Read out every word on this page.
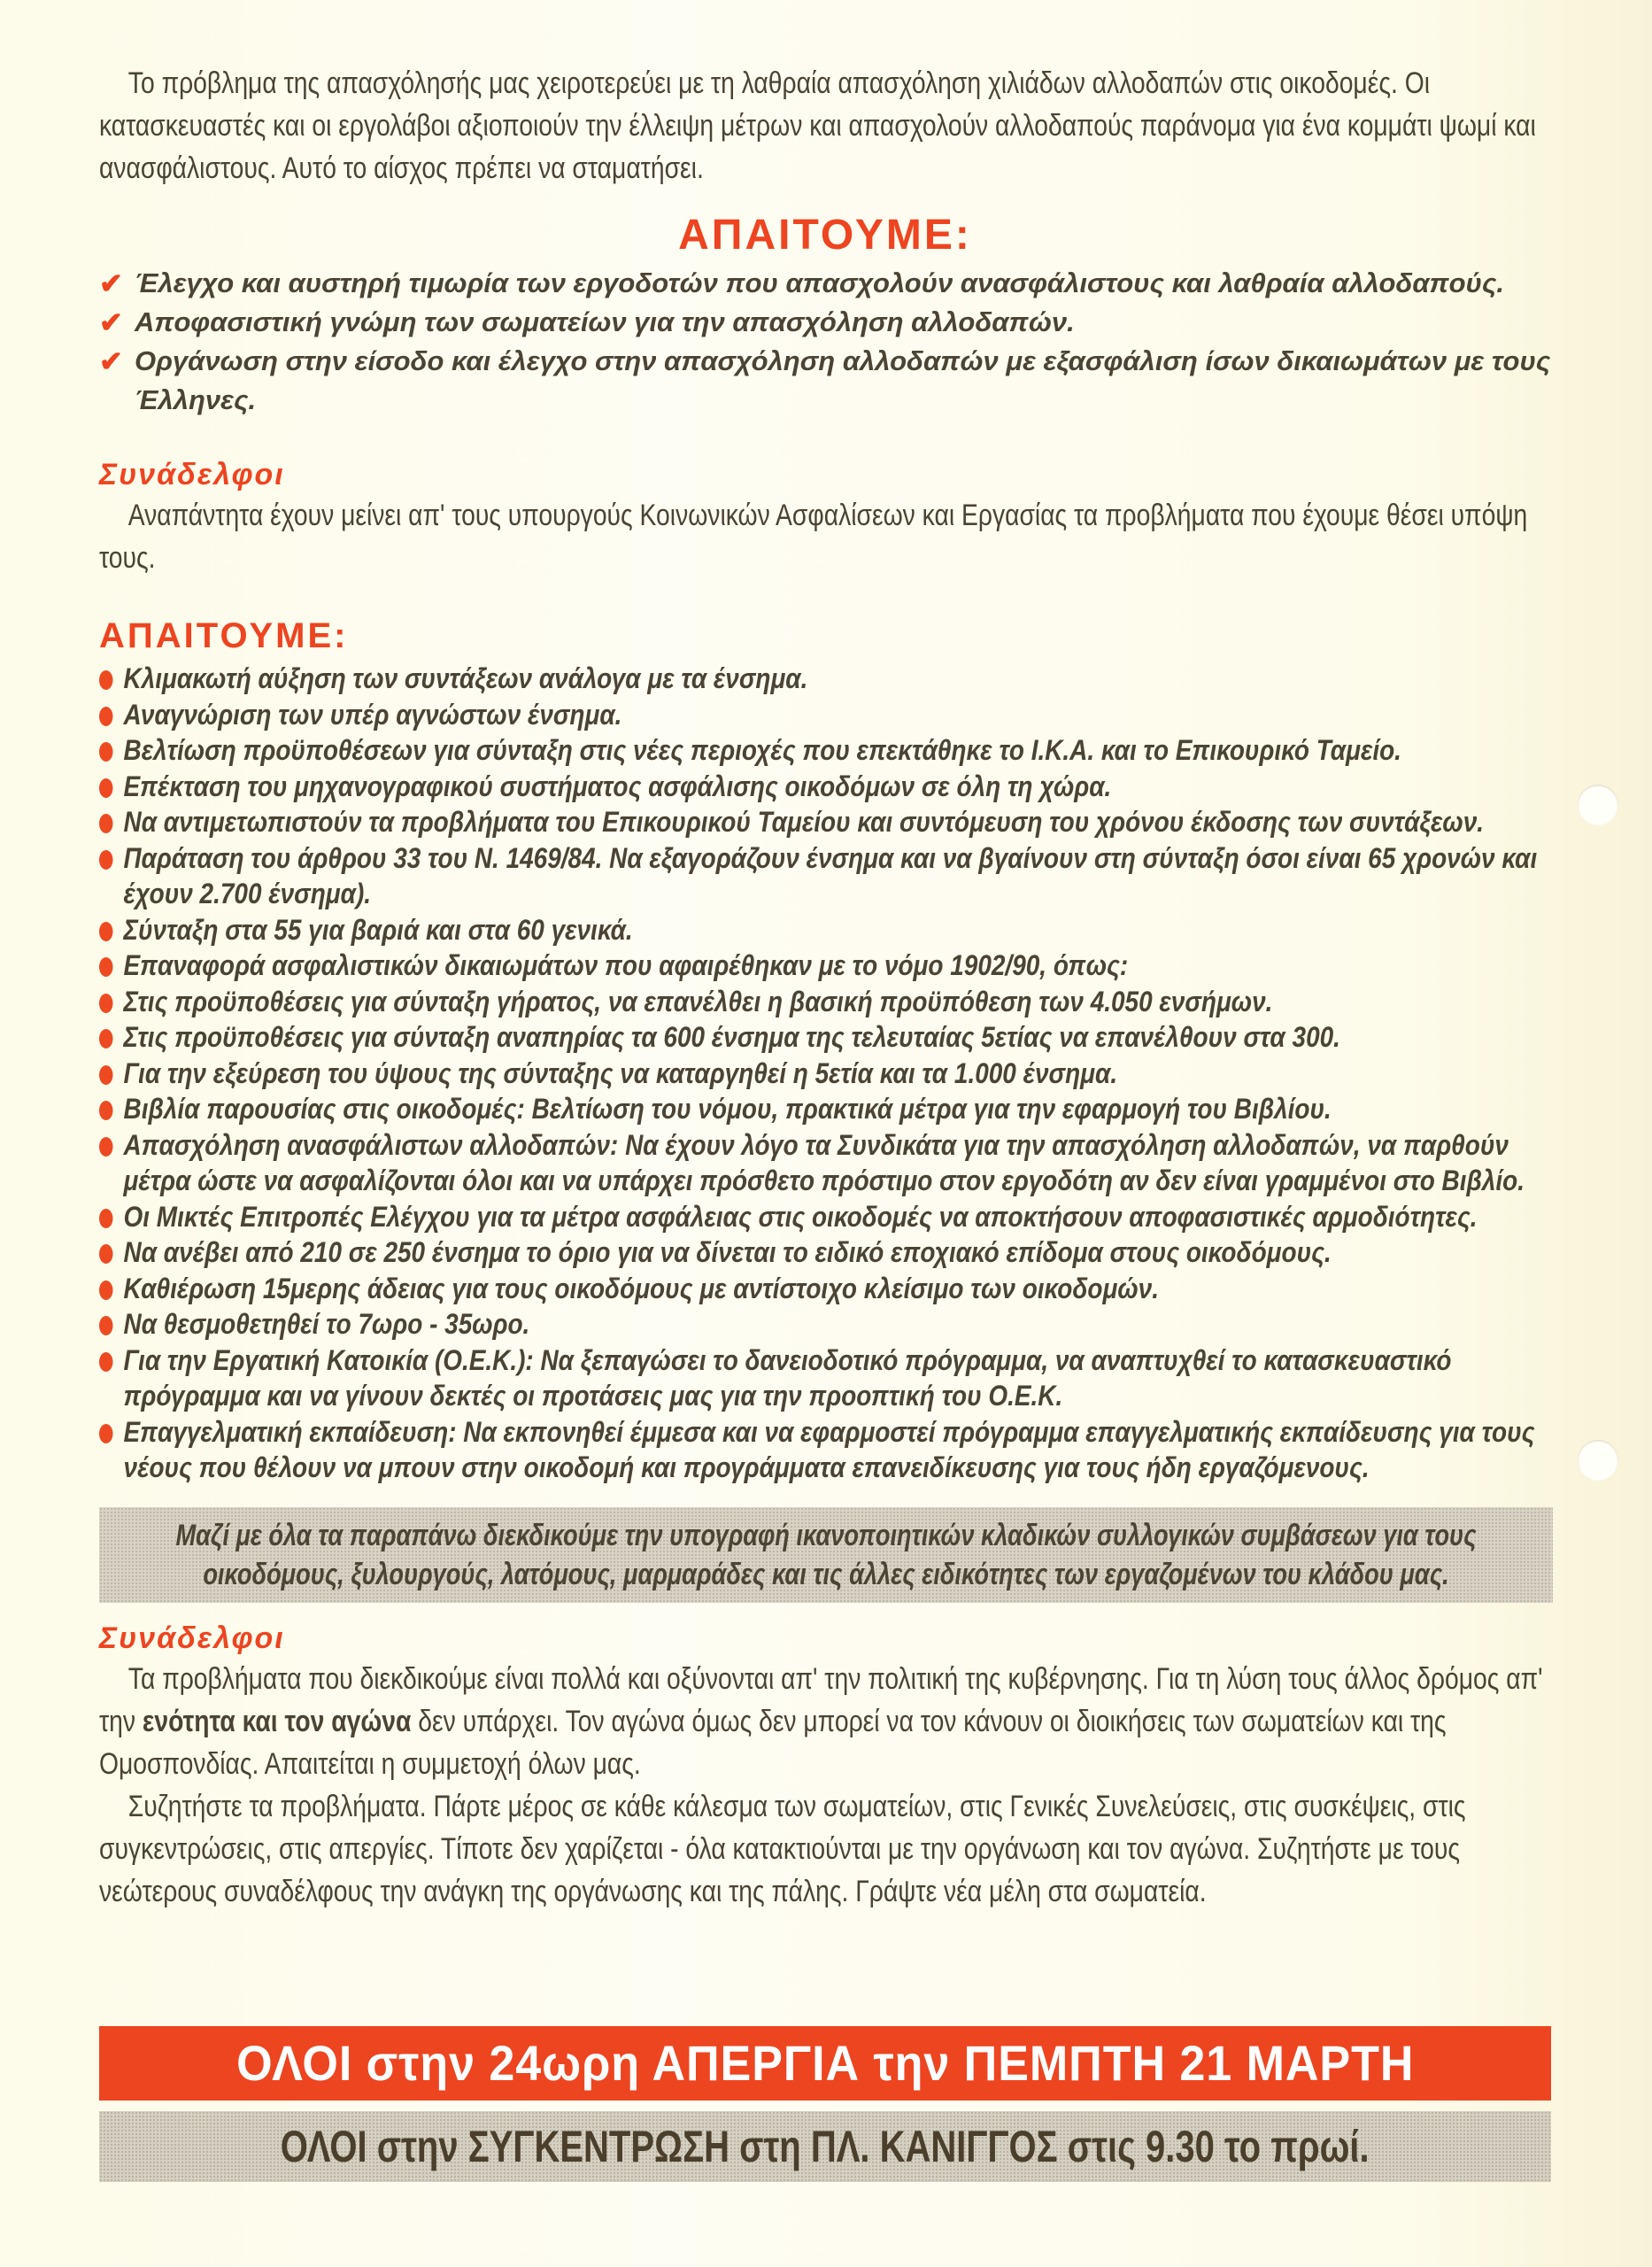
Το πρόβλημα της απασχόλησής μας χειροτερεύει με τη λαθραία απασχόληση χιλιάδων αλλοδαπών στις οικοδομές. Οι κατασκευαστές και οι εργολάβοι αξιοποιούν την έλλειψη μέτρων και απασχολούν αλλοδαπούς παράνομα για ένα κομμάτι ψωμί και ανασφάλιστους. Αυτό το αίσχος πρέπει να σταματήσει.
ΑΠΑΙΤΟΥΜΕ:
✔ Έλεγχο και αυστηρή τιμωρία των εργοδοτών που απασχολούν ανασφάλιστους και λαθραία αλλοδαπούς.
✔ Αποφασιστική γνώμη των σωματείων για την απασχόληση αλλοδαπών.
✔ Οργάνωση στην είσοδο και έλεγχο στην απασχόληση αλλοδαπών με εξασφάλιση ίσων δικαιωμάτων με τους Έλληνες.
Συνάδελφοι
Αναπάντητα έχουν μείνει απ' τους υπουργούς Κοινωνικών Ασφαλίσεων και Εργασίας τα προβλήματα που έχουμε θέσει υπόψη τους.
ΑΠΑΙΤΟΥΜΕ:
Κλιμακωτή αύξηση των συντάξεων ανάλογα με τα ένσημα.
Αναγνώριση των υπέρ αγνώστων ένσημα.
Βελτίωση προϋποθέσεων για σύνταξη στις νέες περιοχές που επεκτάθηκε το Ι.Κ.Α. και το Επικουρικό Ταμείο.
Επέκταση του μηχανογραφικού συστήματος ασφάλισης οικοδόμων σε όλη τη χώρα.
Να αντιμετωπιστούν τα προβλήματα του Επικουρικού Ταμείου και συντόμευση του χρόνου έκδοσης των συντάξεων.
Παράταση του άρθρου 33 του Ν. 1469/84. Να εξαγοράζουν ένσημα και να βγαίνουν στη σύνταξη όσοι είναι 65 χρονών και έχουν 2.700 ένσημα).
Σύνταξη στα 55 για βαριά και στα 60 γενικά.
Επαναφορά ασφαλιστικών δικαιωμάτων που αφαιρέθηκαν με το νόμο 1902/90, όπως:
Στις προϋποθέσεις για σύνταξη γήρατος, να επανέλθει η βασική προϋπόθεση των 4.050 ενσήμων.
Στις προϋποθέσεις για σύνταξη αναπηρίας τα 600 ένσημα της τελευταίας 5ετίας να επανέλθουν στα 300.
Για την εξεύρεση του ύψους της σύνταξης να καταργηθεί η 5ετία και τα 1.000 ένσημα.
Βιβλία παρουσίας στις οικοδομές: Βελτίωση του νόμου, πρακτικά μέτρα για την εφαρμογή του Βιβλίου.
Απασχόληση ανασφάλιστων αλλοδαπών: Να έχουν λόγο τα Συνδικάτα για την απασχόληση αλλοδαπών, να παρθούν μέτρα ώστε να ασφαλίζονται όλοι και να υπάρχει πρόσθετο πρόστιμο στον εργοδότη αν δεν είναι γραμμένοι στο Βιβλίο.
Οι Μικτές Επιτροπές Ελέγχου για τα μέτρα ασφάλειας στις οικοδομές να αποκτήσουν αποφασιστικές αρμοδιότητες.
Να ανέβει από 210 σε 250 ένσημα το όριο για να δίνεται το ειδικό εποχιακό επίδομα στους οικοδόμους.
Καθιέρωση 15μερης άδειας για τους οικοδόμους με αντίστοιχο κλείσιμο των οικοδομών.
Να θεσμοθετηθεί το 7ωρο - 35ωρο.
Για την Εργατική Κατοικία (Ο.Ε.Κ.): Να ξεπαγώσει το δανειοδοτικό πρόγραμμα, να αναπτυχθεί το κατασκευαστικό πρόγραμμα και να γίνουν δεκτές οι προτάσεις μας για την προοπτική του Ο.Ε.Κ.
Επαγγελματική εκπαίδευση: Να εκπονηθεί έμμεσα και να εφαρμοστεί πρόγραμμα επαγγελματικής εκπαίδευσης για τους νέους που θέλουν να μπουν στην οικοδομή και προγράμματα επανειδίκευσης για τους ήδη εργαζόμενους.
Μαζί με όλα τα παραπάνω διεκδικούμε την υπογραφή ικανοποιητικών κλαδικών συλλογικών συμβάσεων για τους οικοδόμους, ξυλουργούς, λατόμους, μαρμαράδες και τις άλλες ειδικότητες των εργαζομένων του κλάδου μας.
Συνάδελφοι
Τα προβλήματα που διεκδικούμε είναι πολλά και οξύνονται απ' την πολιτική της κυβέρνησης. Για τη λύση τους άλλος δρόμος απ' την ενότητα και τον αγώνα δεν υπάρχει. Τον αγώνα όμως δεν μπορεί να τον κάνουν οι διοικήσεις των σωματείων και της Ομοσπονδίας. Απαιτείται η συμμετοχή όλων μας.
Συζητήστε τα προβλήματα. Πάρτε μέρος σε κάθε κάλεσμα των σωματείων, στις Γενικές Συνελεύσεις, στις συσκέψεις, στις συγκεντρώσεις, στις απεργίες. Τίποτε δεν χαρίζεται - όλα κατακτιούνται με την οργάνωση και τον αγώνα. Συζητήστε με τους νεώτερους συναδέλφους την ανάγκη της οργάνωσης και της πάλης. Γράψτε νέα μέλη στα σωματεία.
ΟΛΟΙ στην 24ωρη ΑΠΕΡΓΙΑ την ΠΕΜΠΤΗ 21 ΜΑΡΤΗ
ΟΛΟΙ στην ΣΥΓΚΕΝΤΡΩΣΗ στη ΠΛ. ΚΑΝΙΓΓΟΣ στις 9.30 το πρωί.
